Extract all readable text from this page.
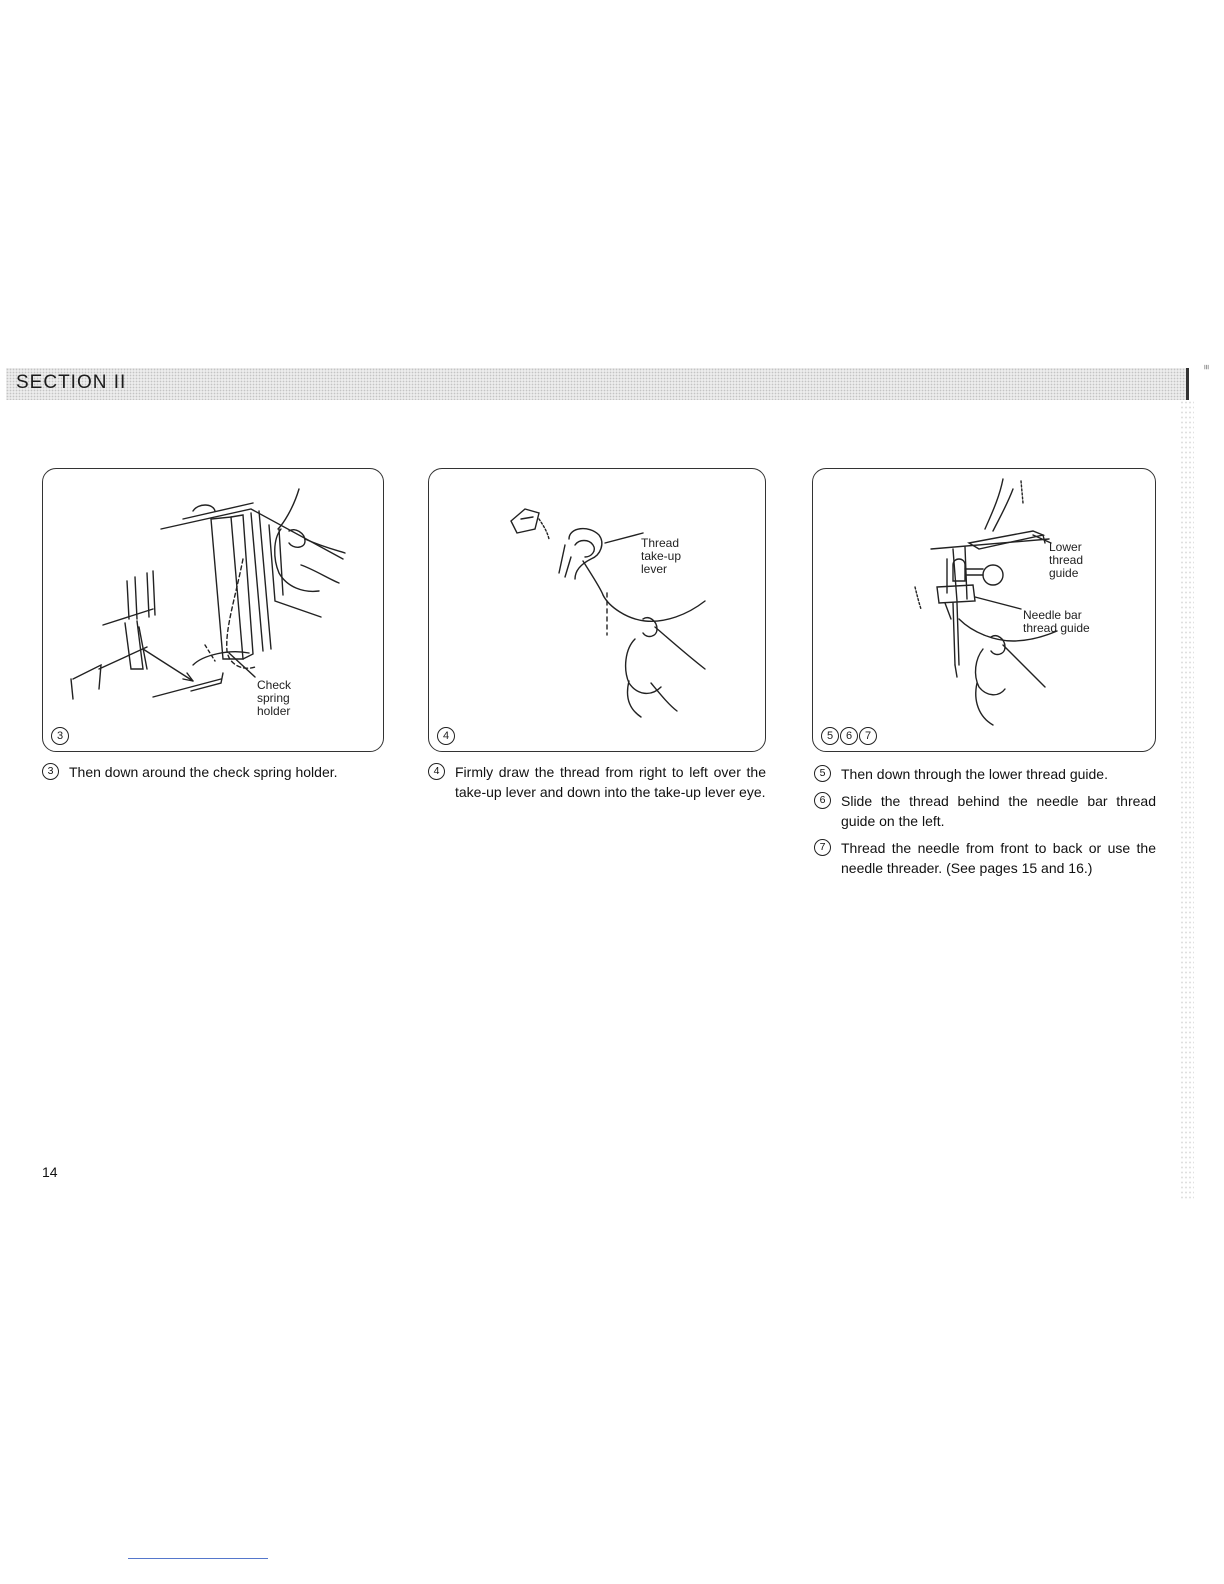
SECTION II
≡
Check
spring
holder
3
Thread
take-up
lever
4
Lower
thread
guide
Needle bar
thread guide
5	6	7
3	Then down around the check spring holder.	4	Firmly draw the thread from right to left over the take-up lever and down into the take-up lever eye.
5	Then down through the lower thread guide.
6	Slide the thread behind the needle bar thread guide on the left.
7	Thread the needle from front to back or use the needle threader. (See pages 15 and 16.)
14
